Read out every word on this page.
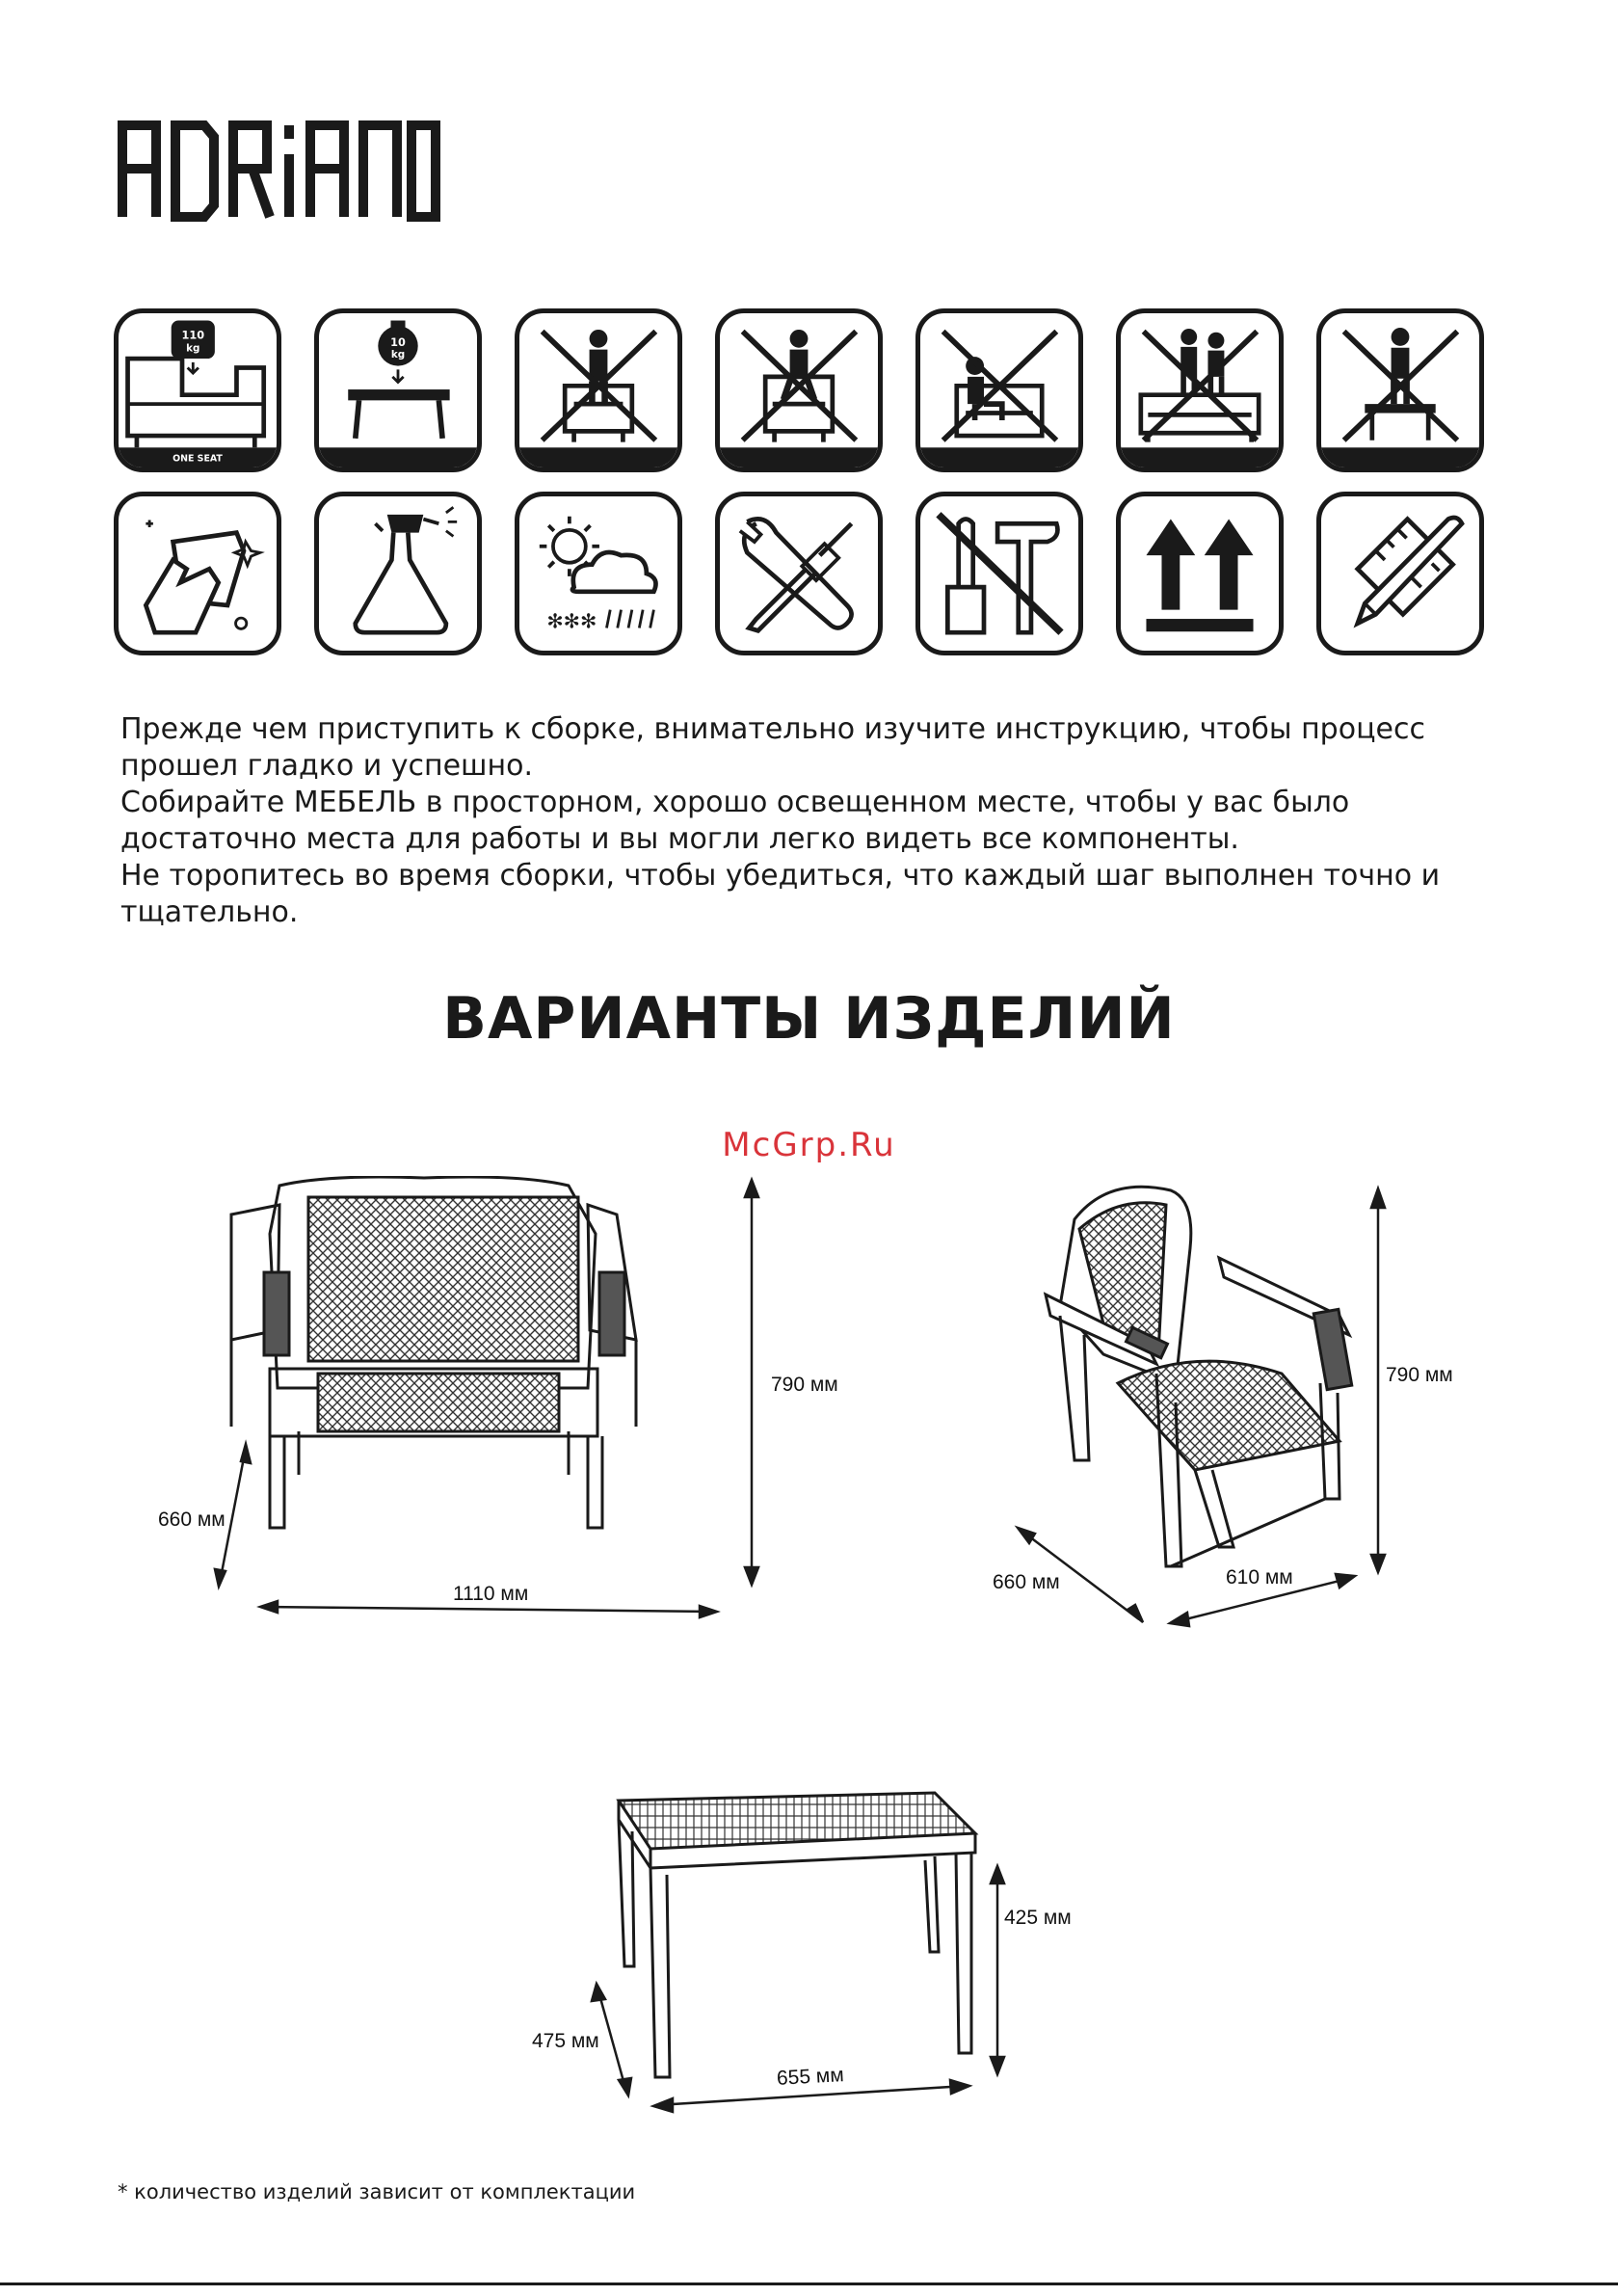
ONE SEAT
110
kg	10
kg
✻✻✻

Прежде чем приступить к сборке, внимательно изучите инструкцию, чтобы процесс прошел гладко и успешно.

Собирайте МЕБЕЛЬ в просторном, хорошо освещенном месте, чтобы у вас было достаточно места для работы и вы могли легко видеть все компоненты.

Не торопитесь во время сборки, чтобы убедиться, что каждый шаг выполнен точно и тщательно.

ВАРИАНТЫ ИЗДЕЛИЙ
McGrp.Ru
790 мм
660 мм
1110 мм
790 мм
660 мм	610 мм
425 мм
475 мм
655 мм
* количество изделий зависит от комплектации
